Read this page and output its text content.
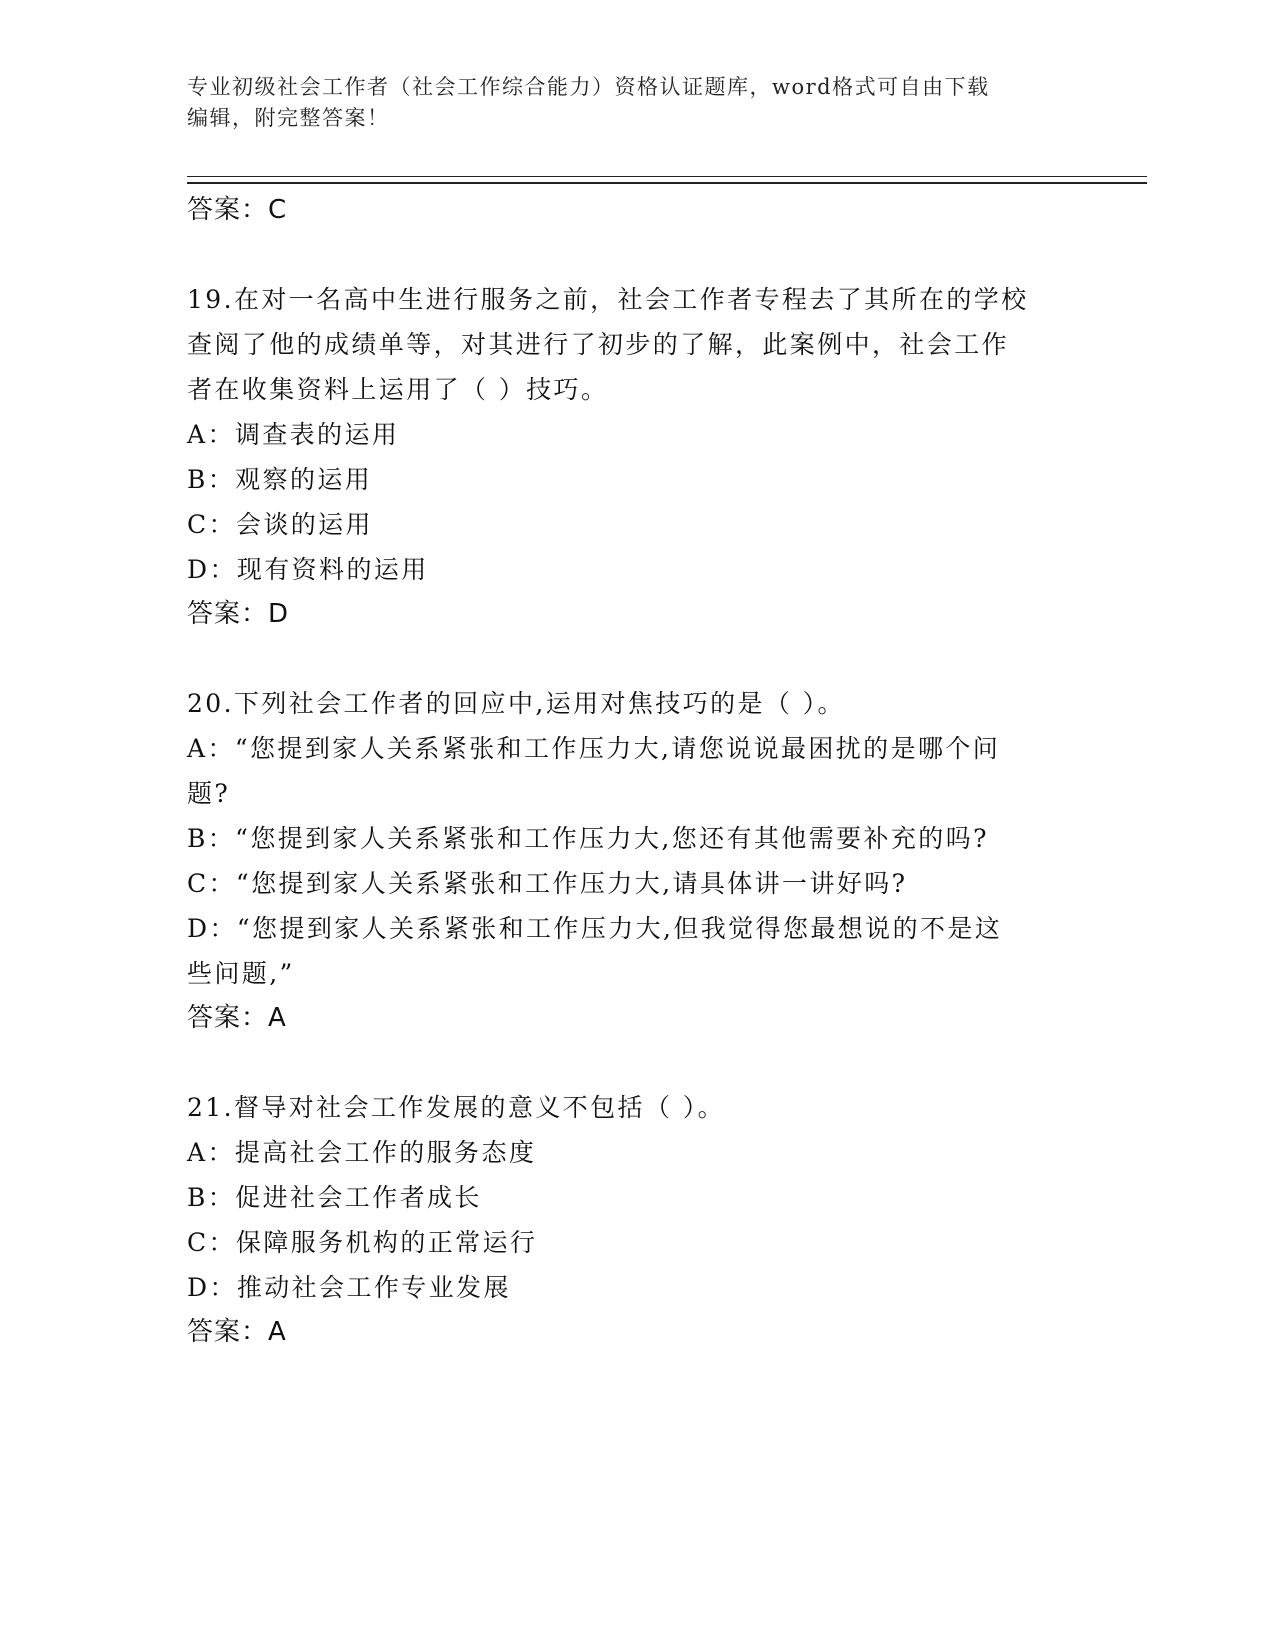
专业初级社会工作者（社会工作综合能力）资格认证题库，word格式可自由下载
编辑，附完整答案！
答案：C
19.在对一名高中生进行服务之前，社会工作者专程去了其所在的学校
查阅了他的成绩单等，对其进行了初步的了解，此案例中，社会工作
者在收集资料上运用了（ ）技巧。
A：调查表的运用
B：观察的运用
C：会谈的运用
D：现有资料的运用
答案：D
20.下列社会工作者的回应中,运用对焦技巧的是（ ）。
A：“您提到家人关系紧张和工作压力大,请您说说最困扰的是哪个问
题?
B：“您提到家人关系紧张和工作压力大,您还有其他需要补充的吗?
C：“您提到家人关系紧张和工作压力大,请具体讲一讲好吗?
D：“您提到家人关系紧张和工作压力大,但我觉得您最想说的不是这
些问题,”
答案：A
21.督导对社会工作发展的意义不包括（ ）。
A：提高社会工作的服务态度
B：促进社会工作者成长
C：保障服务机构的正常运行
D：推动社会工作专业发展
答案：A
